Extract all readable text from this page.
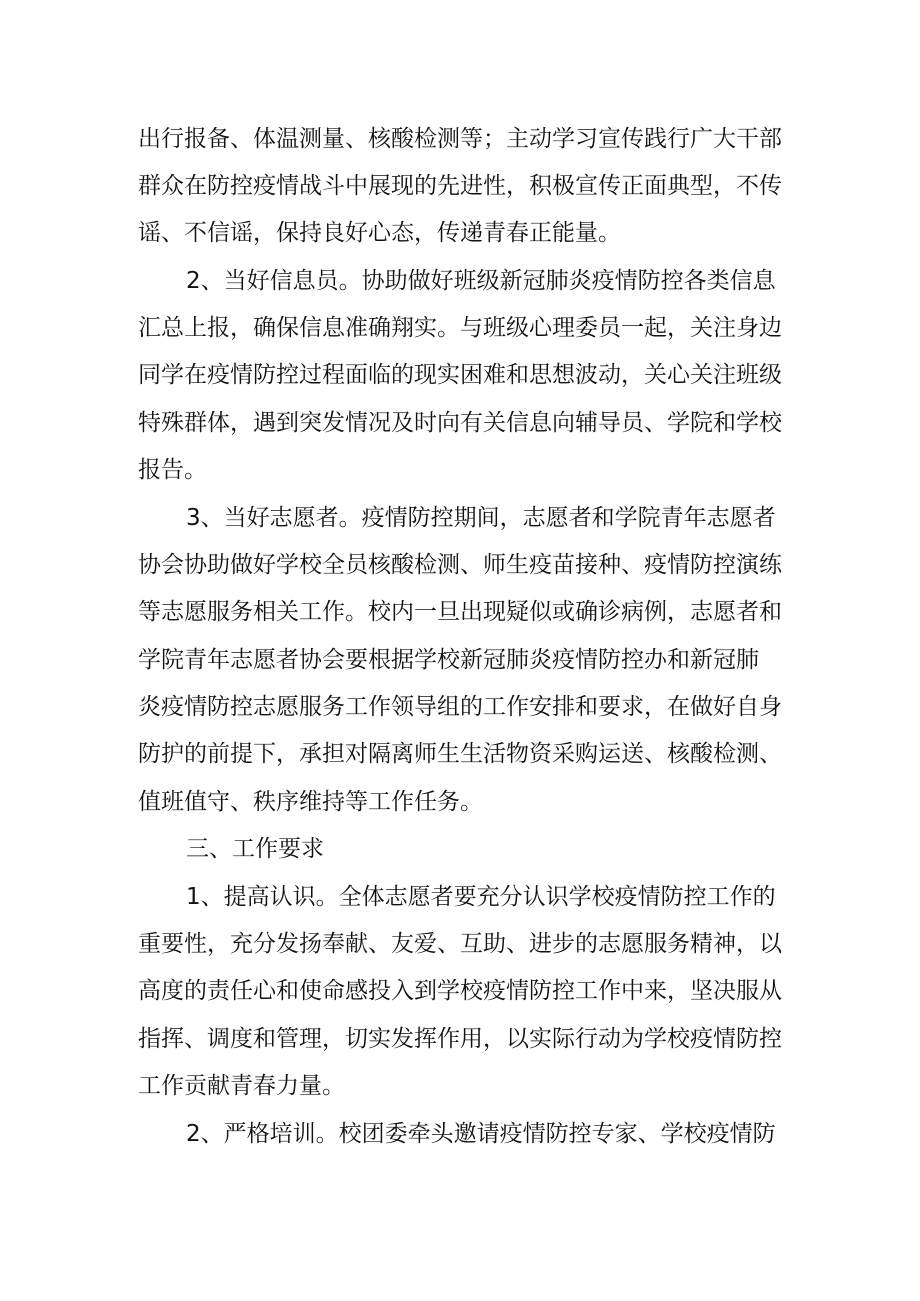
出行报备、体温测量、核酸检测等；主动学习宣传践行广大干部

群众在防控疫情战斗中展现的先进性，积极宣传正面典型，不传

谣、不信谣，保持良好心态，传递青春正能量。

2、当好信息员。协助做好班级新冠肺炎疫情防控各类信息

汇总上报，确保信息准确翔实。与班级心理委员一起，关注身边

同学在疫情防控过程面临的现实困难和思想波动，关心关注班级

特殊群体，遇到突发情况及时向有关信息向辅导员、学院和学校

报告。

3、当好志愿者。疫情防控期间，志愿者和学院青年志愿者

协会协助做好学校全员核酸检测、师生疫苗接种、疫情防控演练

等志愿服务相关工作。校内一旦出现疑似或确诊病例，志愿者和

学院青年志愿者协会要根据学校新冠肺炎疫情防控办和新冠肺

炎疫情防控志愿服务工作领导组的工作安排和要求，在做好自身

防护的前提下，承担对隔离师生生活物资采购运送、核酸检测、

值班值守、秩序维持等工作任务。

三、工作要求

1、提高认识。全体志愿者要充分认识学校疫情防控工作的

重要性，充分发扬奉献、友爱、互助、进步的志愿服务精神，以

高度的责任心和使命感投入到学校疫情防控工作中来，坚决服从

指挥、调度和管理，切实发挥作用，以实际行动为学校疫情防控

工作贡献青春力量。

2、严格培训。校团委牵头邀请疫情防控专家、学校疫情防
